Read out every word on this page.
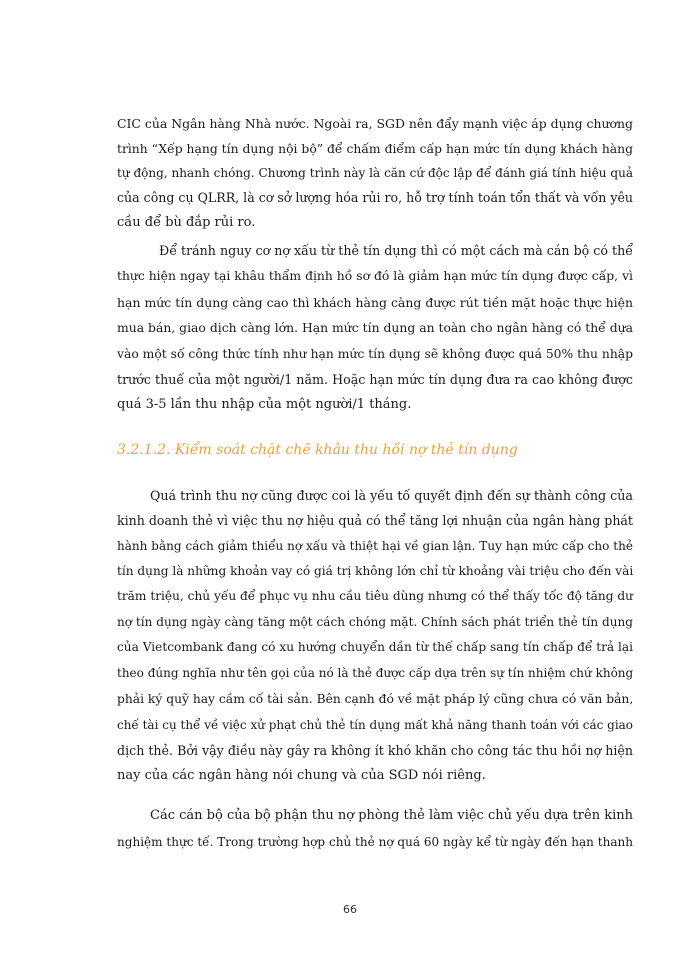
CIC của Ngân hàng Nhà nước. Ngoài ra, SGD nên đẩy mạnh việc áp dụng chương
trình “Xếp hạng tín dụng nội bộ” để chấm điểm cấp hạn mức tín dụng khách hàng
tự động, nhanh chóng. Chương trình này là căn cứ độc lập để đánh giá tính hiệu quả
của công cụ QLRR, là cơ sở lượng hóa rủi ro, hỗ trợ tính toán tổn thất và vốn yêu
cầu để bù đắp rủi ro.
Để tránh nguy cơ nợ xấu từ thẻ tín dụng thì có một cách mà cán bộ có thể
thực hiện ngay tại khâu thẩm định hồ sơ đó là giảm hạn mức tín dụng được cấp, vì
hạn mức tín dụng càng cao thì khách hàng càng được rút tiền mặt hoặc thực hiện
mua bán, giao dịch càng lớn. Hạn mức tín dụng an toàn cho ngân hàng có thể dựa
vào một số công thức tính như hạn mức tín dụng sẽ không được quá 50% thu nhập
trước thuế của một người/1 năm. Hoặc hạn mức tín dụng đưa ra cao không được
quá 3-5 lần thu nhập của một người/1 tháng.
3.2.1.2. Kiểm soát chặt chẽ khâu thu hồi nợ thẻ tín dụng
Quá trình thu nợ cũng được coi là yếu tố quyết định đến sự thành công của
kinh doanh thẻ vì việc thu nợ hiệu quả có thể tăng lợi nhuận của ngân hàng phát
hành bằng cách giảm thiểu nợ xấu và thiệt hại về gian lận. Tuy hạn mức cấp cho thẻ
tín dụng là những khoản vay có giá trị không lớn chỉ từ khoảng vài triệu cho đến vài
trăm triệu, chủ yếu để phục vụ nhu cầu tiêu dùng nhưng có thể thấy tốc độ tăng dư
nợ tín dụng ngày càng tăng một cách chóng mặt. Chính sách phát triển thẻ tín dụng
của Vietcombank đang có xu hướng chuyển dần từ thế chấp sang tín chấp để trả lại
theo đúng nghĩa như tên gọi của nó là thẻ được cấp dựa trên sự tín nhiệm chứ không
phải ký quỹ hay cầm cố tài sản. Bên cạnh đó về mặt pháp lý cũng chưa có văn bản,
chế tài cụ thể về việc xử phạt chủ thẻ tín dụng mất khả năng thanh toán với các giao
dịch thẻ. Bởi vậy điều này gây ra không ít khó khăn cho công tác thu hồi nợ hiện
nay của các ngân hàng nói chung và của SGD nói riêng.
Các cán bộ của bộ phận thu nợ phòng thẻ làm việc chủ yếu dựa trên kinh
nghiệm thực tế. Trong trường hợp chủ thẻ nợ quá 60 ngày kể từ ngày đến hạn thanh
66
